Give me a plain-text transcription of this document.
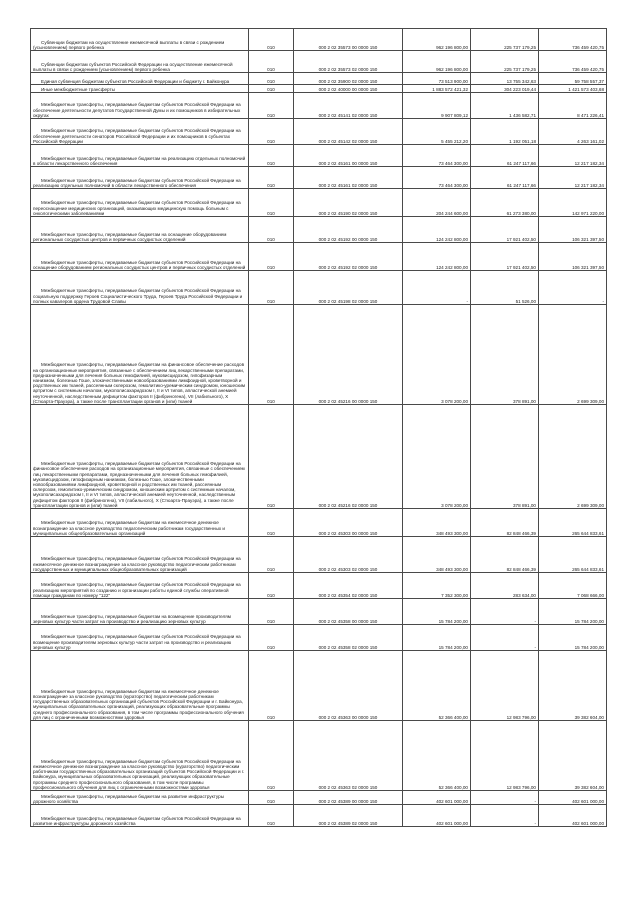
Субвенции бюджетам на осуществление ежемесячной выплаты в связи с рождением (усыновлением) первого ребенка	010	000 2 02 35573 00 0000 150	962 196 800,00	225 737 179,25	736 459 420,75

Субвенции бюджетам субъектов Российской Федерации на осуществление ежемесячной выплаты в связи с рождением (усыновлением) первого ребенка	010	000 2 02 35573 02 0000 150	962 196 800,00	225 737 179,25	736 459 420,75

Единая субвенция бюджетам субъектов Российской Федерации и бюджету г. Байконура	010	000 2 02 35900 02 0000 150	73 513 900,00	13 755 342,63	59 758 557,37

Иные межбюджетные трансферты	010	000 2 02 40000 00 0000 150	1 883 572 421,32	304 223 019,44	1 421 573 403,68

Межбюджетные трансферты, передаваемые бюджетам субъектов Российской Федерации на обеспечение деятельности депутатов Государственной Думы и их помощников в избирательных округах	010	000 2 02 45141 02 0000 150	9 907 809,12	1 436 582,71	8 471 226,41

Межбюджетные трансферты, передаваемые бюджетам субъектов Российской Федерации на обеспечение деятельности сенаторов Российской Федерации и их помощников в субъектах Российской Федерации	010	000 2 02 45142 02 0000 150	5 455 212,20	1 192 051,18	4 263 161,02

Межбюджетные трансферты, передаваемые бюджетам на реализацию отдельных полномочий в области лекарственного обеспечения	010	000 2 02 45161 00 0000 150	73 464 300,00	61 247 117,66	12 217 182,34

Межбюджетные трансферты, передаваемые бюджетам субъектов Российской Федерации на реализацию отдельных полномочий в области лекарственного обеспечения	010	000 2 02 45161 02 0000 150	73 464 300,00	61 247 117,66	12 217 182,34

Межбюджетные трансферты, передаваемые бюджетам субъектов Российской Федерации на переоснащение медицинских организаций, оказывающих медицинскую помощь больным с онкологическими заболеваниями	010	000 2 02 45190 02 0000 150	204 244 600,00	61 273 380,00	142 971 220,00

Межбюджетные трансферты, передаваемые бюджетам на оснащение оборудованием региональных сосудистых центров и первичных сосудистых отделений	010	000 2 02 45192 00 0000 150	124 242 800,00	17 921 402,50	106 321 397,50

Межбюджетные трансферты, передаваемые бюджетам субъектов Российской Федерации на оснащение оборудованием региональных сосудистых центров и первичных сосудистых отделений	010	000 2 02 45192 02 0000 150	124 242 800,00	17 921 402,50	106 321 397,50

Межбюджетные трансферты, передаваемые бюджетам субъектов Российской Федерации на социальную поддержку Героев Социалистического Труда, Героев Труда Российской Федерации и полных кавалеров ордена Трудовой Славы	010	000 2 02 45198 02 0000 150	-	51 526,00	-

Межбюджетные трансферты, передаваемые бюджетам на финансовое обеспечение расходов на организационные мероприятия, связанные с обеспечением лиц лекарственными препаратами, предназначенными для лечения больных гемофилией, муковисцидозом, гипофизарным нанизмом, болезнью Гоше, злокачественными новообразованиями лимфоидной, кроветворной и родственных им тканей, рассеянным склерозом, гемолитико-уремическим синдромом, юношеским артритом с системным началом, мукополисахаридозом I, II и VI типов, апластической анемией неуточненной, наследственным дефицитом факторов II (фибриногена), VII (лабильного), X (Стюарта-Прауэра), а также после трансплантации органов и (или) тканей	010	000 2 02 45216 00 0000 150	3 078 200,00	378 891,00	2 699 309,00

Межбюджетные трансферты, передаваемые бюджетам субъектов Российской Федерации на финансовое обеспечение расходов на организационные мероприятия, связанные с обеспечением лиц лекарственными препаратами, предназначенными для лечения больных гемофилией, муковисцидозом, гипофизарным нанизмом, болезнью Гоше, злокачественными новообразованиями лимфоидной, кроветворной и родственных им тканей, рассеянным склерозом, гемолитико-уремическим синдромом, юношеским артритом с системным началом, мукополисахаридозом I, II и VI типов, апластической анемией неуточненной, наследственным дефицитом факторов II (фибриногена), VII (лабильного), X (Стюарта-Прауэра), а также после трансплантации органов и (или) тканей	010	000 2 02 45216 02 0000 150	3 078 200,00	378 891,00	2 699 309,00

Межбюджетные трансферты, передаваемые бюджетам на ежемесячное денежное вознаграждение за классное руководство педагогическим работникам государственных и муниципальных общеобразовательных организаций	010	000 2 02 45303 00 0000 150	348 493 300,00	82 848 466,39	265 644 833,61

Межбюджетные трансферты, передаваемые бюджетам субъектов Российской Федерации на ежемесячное денежное вознаграждение за классное руководство педагогическим работникам государственных и муниципальных общеобразовательных организаций	010	000 2 02 45303 02 0000 150	348 493 300,00	82 848 466,39	265 644 833,61

Межбюджетные трансферты, передаваемые бюджетам субъектов Российской Федерации на реализацию мероприятий по созданию и организации работы единой службы оперативной помощи гражданам по номеру "122"	010	000 2 02 45354 02 0000 150	7 352 300,00	283 634,00	7 068 666,00

Межбюджетные трансферты, передаваемые бюджетам на возмещение производителям зерновых культур части затрат на производство и реализацию зерновых культур	010	000 2 02 45358 00 0000 150	15 784 200,00	-	15 784 200,00

Межбюджетные трансферты, передаваемые бюджетам субъектов Российской Федерации на возмещение производителям зерновых культур части затрат на производство и реализацию зерновых культур	010	000 2 02 45358 02 0000 150	15 784 200,00	-	15 784 200,00

Межбюджетные трансферты, передаваемые бюджетам на ежемесячное денежное вознаграждение за классное руководство (кураторство) педагогическим работникам государственных образовательных организаций субъектов Российской Федерации и г. Байконура, муниципальных образовательных организаций, реализующих образовательные программы среднего профессионального образования, в том числе программы профессионального обучения для лиц с ограниченными возможностями здоровья	010	000 2 02 45363 00 0000 150	52 366 400,00	12 983 796,00	39 382 604,00

Межбюджетные трансферты, передаваемые бюджетам субъектов Российской Федерации на ежемесячное денежное вознаграждение за классное руководство (кураторство) педагогическим работникам государственных образовательных организаций субъектов Российской Федерации и г. Байконура, муниципальных образовательных организаций, реализующих образовательные программы среднего профессионального образования, в том числе программы профессионального обучения для лиц с ограниченными возможностями здоровья	010	000 2 02 45363 02 0000 150	52 366 400,00	12 983 796,00	39 382 604,00

Межбюджетные трансферты, передаваемые бюджетам на развитие инфраструктуры дорожного хозяйства	010	000 2 02 45389 00 0000 150	402 601 000,00	-	402 601 000,00

Межбюджетные трансферты, передаваемые бюджетам субъектов Российской Федерации на развитие инфраструктуры дорожного хозяйства	010	000 2 02 45389 02 0000 150	402 601 000,00	-	402 601 000,00
